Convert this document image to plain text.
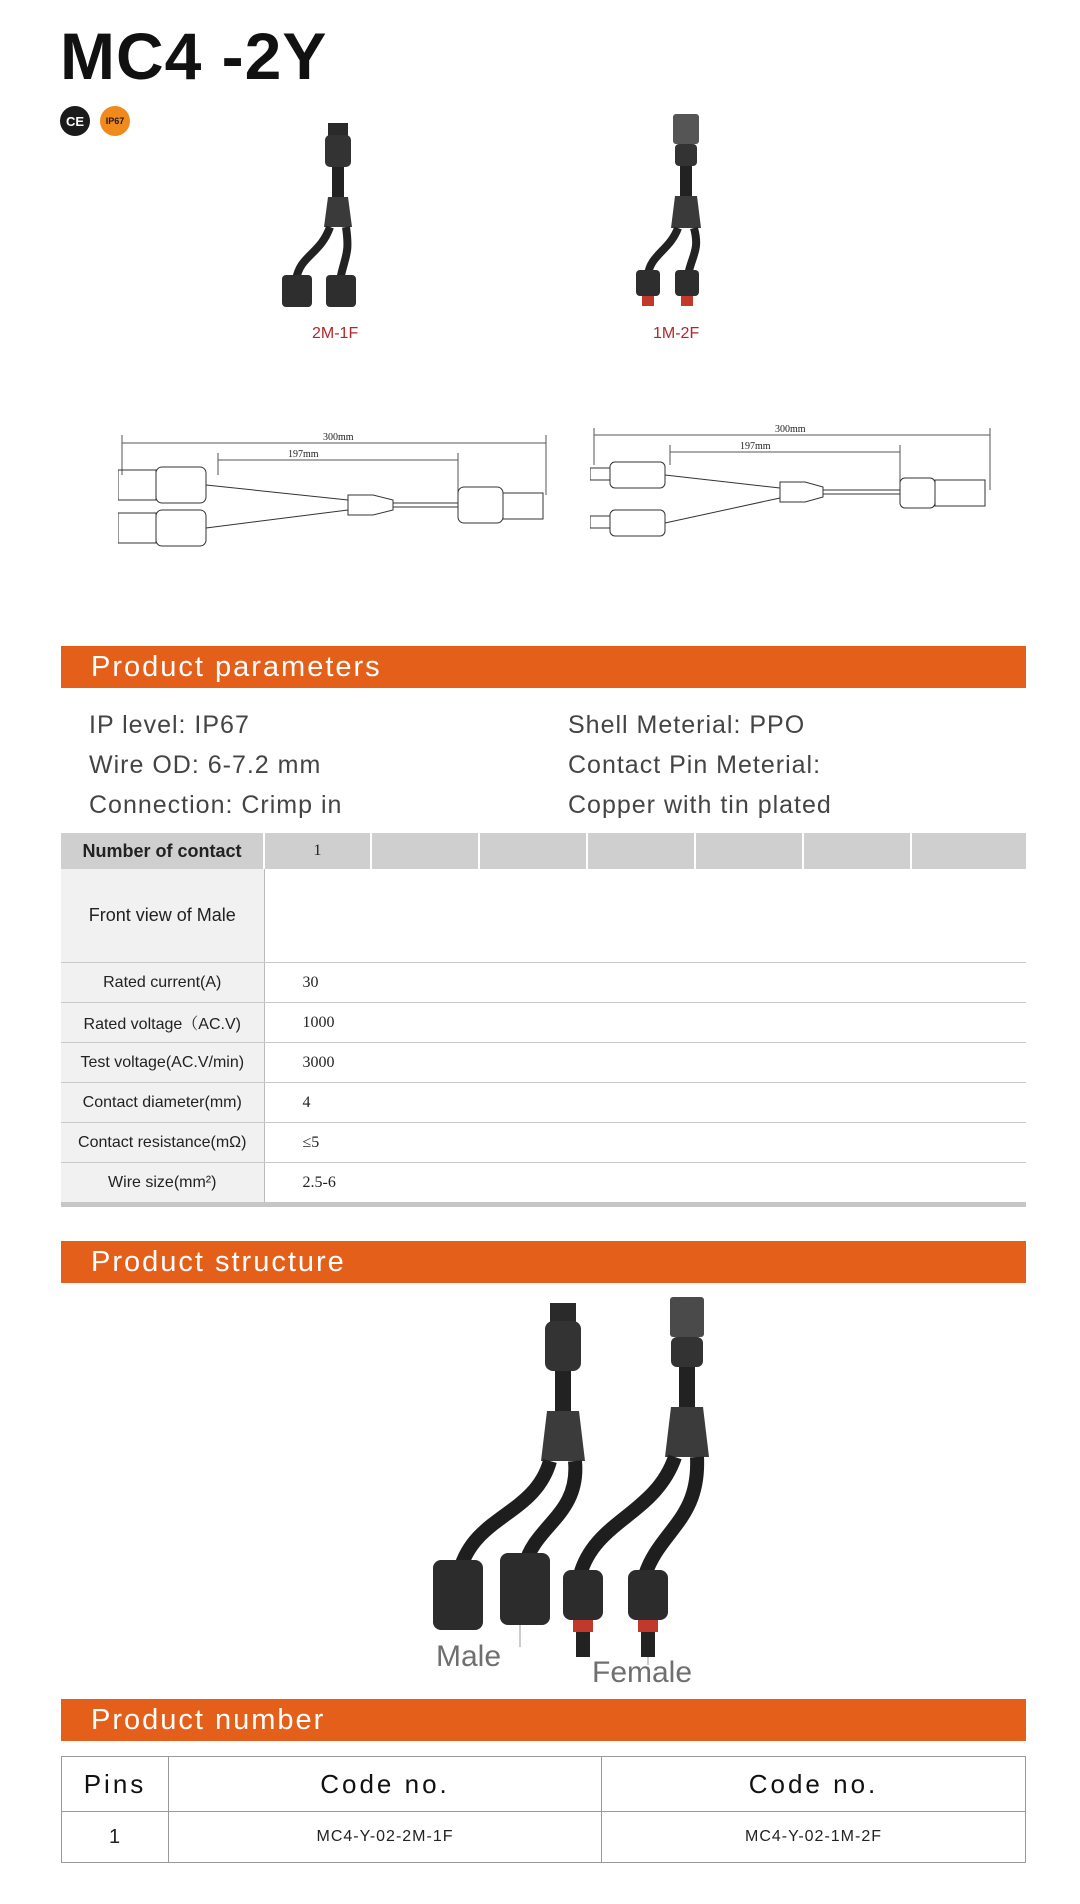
MC4 -2Y
CE	IP67
2M-1F	1M-2F
300mm
197mm
300mm
197mm
Product parameters
IP level: IP67
Wire OD: 6-7.2 mm
Connection: Crimp in
Shell Meterial: PPO
Contact Pin Meterial:
Copper with tin plated
Number of contact	1						
Front view of Male							
Rated current(A)	30						
Rated voltage（AC.V)	1000						
Test voltage(AC.V/min)	3000						
Contact diameter(mm)	4						
Contact resistance(mΩ)	≤5						
Wire size(mm²)	2.5-6						
Product structure
Male	Female
Product number
Pins	Code no.	Code no.
1	MC4-Y-02-2M-1F	MC4-Y-02-1M-2F
